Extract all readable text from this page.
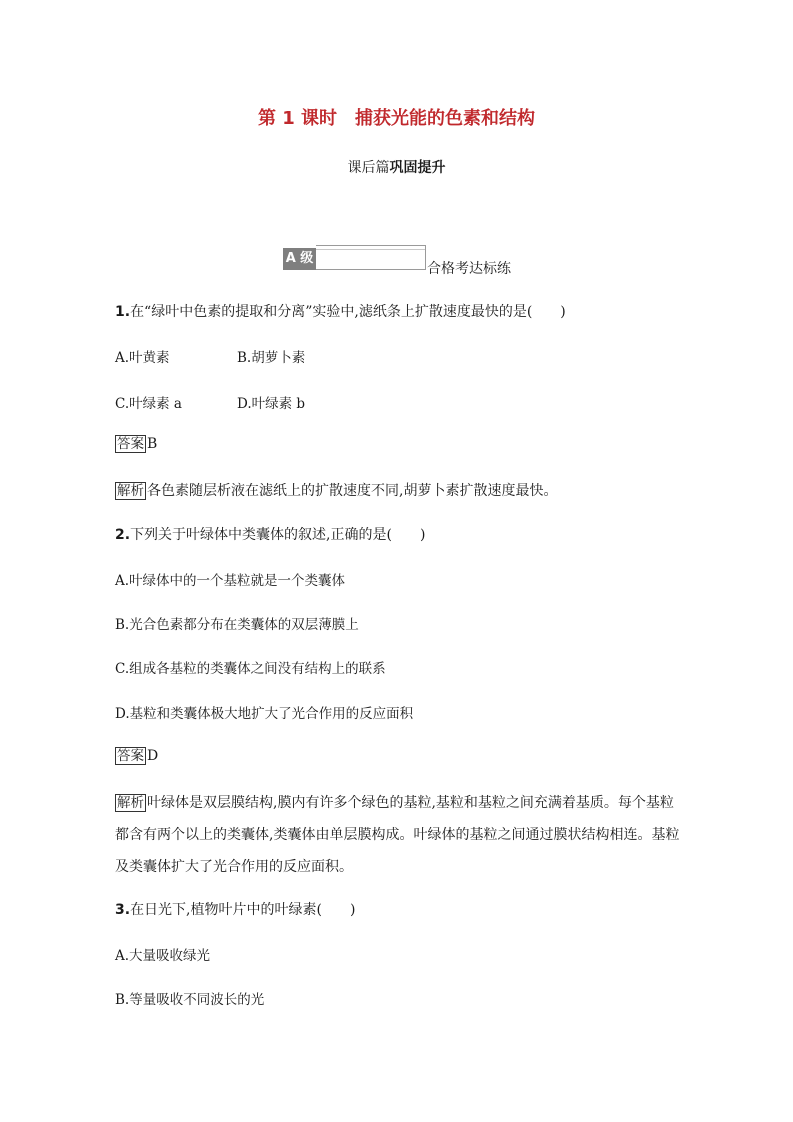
第 1 课时　捕获光能的色素和结构
课后篇巩固提升
A 级
合格考达标练
1.在“绿叶中色素的提取和分离”实验中,滤纸条上扩散速度最快的是(　　)
A.叶黄素	B.胡萝卜素
C.叶绿素 a	D.叶绿素 b
答案 B
解析 各色素随层析液在滤纸上的扩散速度不同,胡萝卜素扩散速度最快。
2.下列关于叶绿体中类囊体的叙述,正确的是(　　)
A.叶绿体中的一个基粒就是一个类囊体
B.光合色素都分布在类囊体的双层薄膜上
C.组成各基粒的类囊体之间没有结构上的联系
D.基粒和类囊体极大地扩大了光合作用的反应面积
答案 D
解析 叶绿体是双层膜结构,膜内有许多个绿色的基粒,基粒和基粒之间充满着基质。每个基粒
都含有两个以上的类囊体,类囊体由单层膜构成。叶绿体的基粒之间通过膜状结构相连。基粒
及类囊体扩大了光合作用的反应面积。
3.在日光下,植物叶片中的叶绿素(　　)
A.大量吸收绿光
B.等量吸收不同波长的光
